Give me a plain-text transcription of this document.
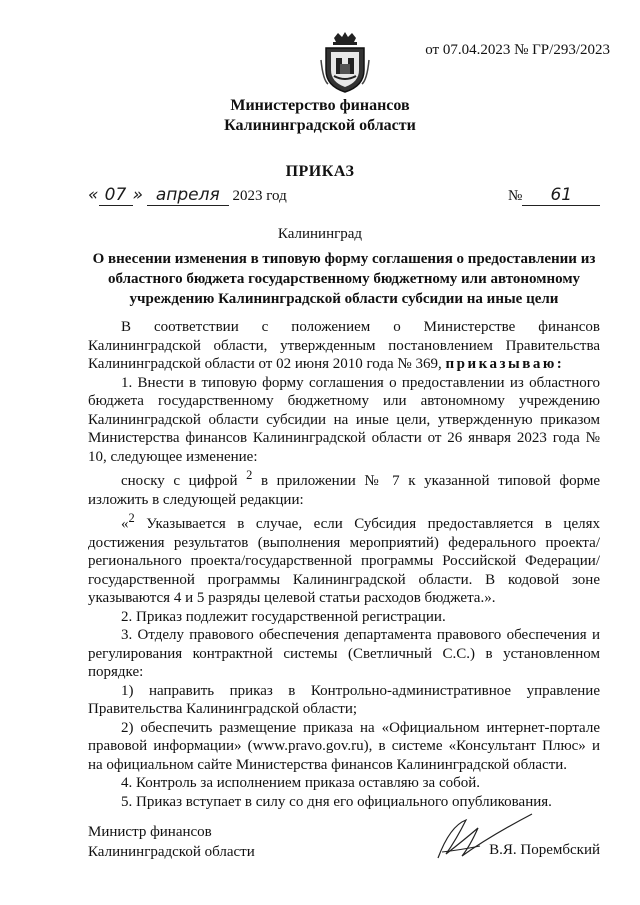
от 07.04.2023 № ГР/293/2023
Министерство финансов
Калининградской области
ПРИКАЗ
« 07 » апреля 2023 год	№ 61
Калининград
О внесении изменения в типовую форму соглашения о предоставлении из областного бюджета государственному бюджетному или автономному учреждению Калининградской области субсидии на иные цели

В соответствии с положением о Министерстве финансов Калининградской области, утвержденным постановлением Правительства Калининградской области от 02 июня 2010 года № 369, приказываю:

1. Внести в типовую форму соглашения о предоставлении из областного бюджета государственному бюджетному или автономному учреждению Калининградской области субсидии на иные цели, утвержденную приказом Министерства финансов Калининградской области от 26 января 2023 года № 10, следующее изменение:

сноску с цифрой $^2$ в приложении № 7 к указанной типовой форме изложить в следующей редакции:

«$^2$ Указывается в случае, если Субсидия предоставляется в целях достижения результатов (выполнения мероприятий) федерального проекта/регионального проекта/государственной программы Российской Федерации/государственной программы Калининградской области. В кодовой зоне указываются 4 и 5 разряды целевой статьи расходов бюджета.».

2. Приказ подлежит государственной регистрации.

3. Отделу правового обеспечения департамента правового обеспечения и регулирования контрактной системы (Светличный С.С.) в установленном порядке:

1) направить приказ в Контрольно-административное управление Правительства Калининградской области;

2) обеспечить размещение приказа на «Официальном интернет-портале правовой информации» (www.pravo.gov.ru), в системе «Консультант Плюс» и на официальном сайте Министерства финансов Калининградской области.

4. Контроль за исполнением приказа оставляю за собой.

5. Приказ вступает в силу со дня его официального опубликования.

Министр финансов
Калининградской области	В.Я. Порембский
